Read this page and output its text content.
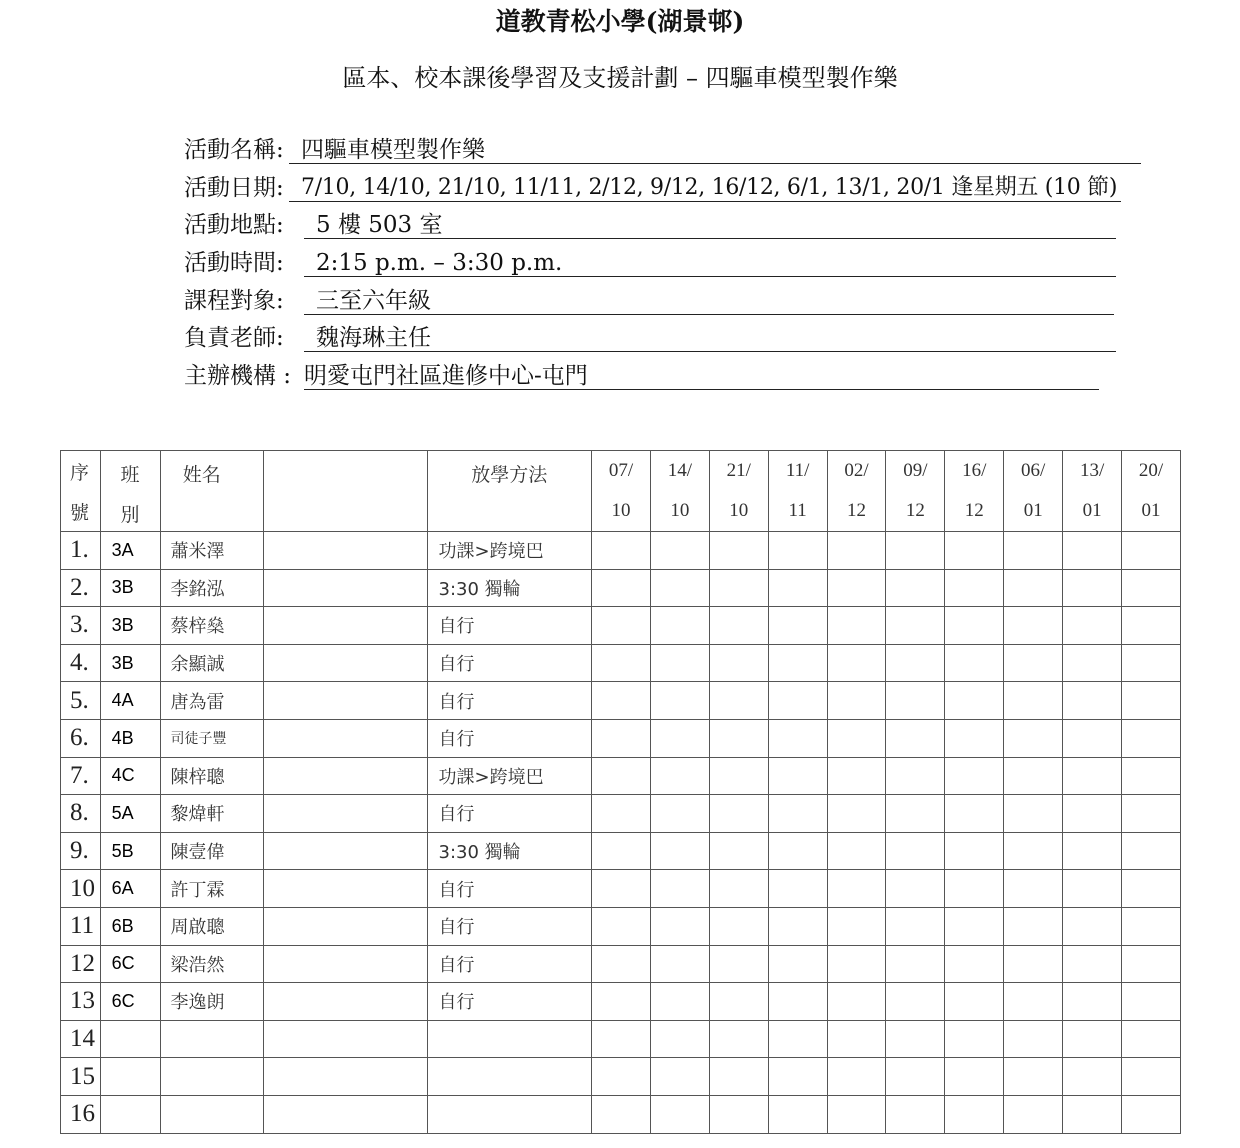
道教青松小學(湖景邨)
區本、校本課後學習及支援計劃 – 四驅車模型製作樂
活動名稱: 四驅車模型製作樂
活動日期: 7/10, 14/10, 21/10, 11/11, 2/12, 9/12, 16/12, 6/1, 13/1, 20/1 逢星期五 (10 節)
活動地點:	5 樓 503 室
活動時間:	2:15 p.m. – 3:30 p.m.
課程對象:	三至六年級
負責老師:	魏海琳主任
主辦機構 : 明愛屯門社區進修中心-屯門
序	班	姓名		放學方法	07/	14/	21/	11/	02/	09/	16/	06/	13/	20/
號	別				10	10	10	11	12	12	12	01	01	01
1.	3A	蕭米澤		功課>跨境巴										
2.	3B	李銘泓		3:30 獨輪										
3.	3B	蔡梓燊		自行										
4.	3B	余顯誠		自行										
5.	4A	唐為雷		自行										
6.	4B	司徒子豐		自行										
7.	4C	陳梓聰		功課>跨境巴										
8.	5A	黎煒軒		自行										
9.	5B	陳壹偉		3:30 獨輪										
10	6A	許丁霖		自行										
11	6B	周啟聰		自行										
12	6C	梁浩然		自行										
13	6C	李逸朗		自行										
14														
15														
16														
